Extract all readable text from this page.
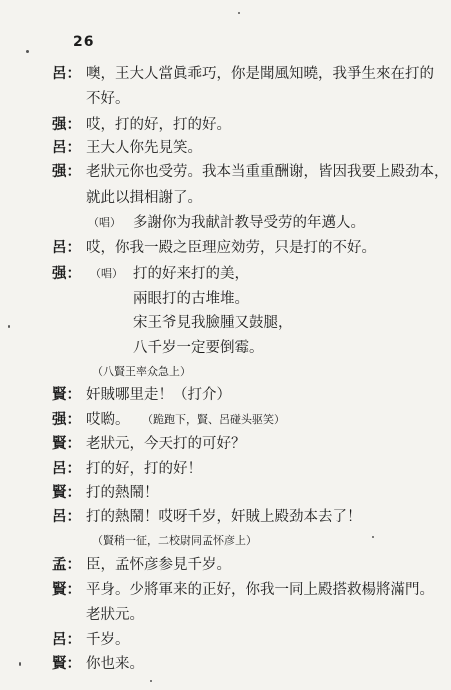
26
呂： 噢，王大人當眞乖巧，你是聞風知曉，我爭生來在打的
不好。
强： 哎，打的好，打的好。
呂： 王大人你先見笑。
强： 老狀元你也受劳。我本当重重酬谢，皆因我要上殿劲本，
就此以揖相謝了。
（唱） 多謝你为我献計教导受劳的年邁人。
呂： 哎，你我一殿之臣理应効劳，只是打的不好。
强： （唱） 打的好来打的美，
兩眼打的古堆堆。
宋王爷見我臉腫又鼓腿，
八千岁一定要倒霉。
（八賢王率众急上）
賢： 奸賊哪里走！（打介）
强： 哎喲。 （跪跑下，賢、呂碰头驱笑）
賢： 老狀元，今天打的可好？
呂： 打的好，打的好！
賢： 打的熱鬧！
呂： 打的熱鬧！哎呀千岁，奸賊上殿劲本去了！
（賢稍一征，二校尉同孟怀彦上）
孟： 臣，孟怀彦参見千岁。
賢： 平身。少將軍来的正好，你我一同上殿搭救楊將滿門。
老狀元。
呂： 千岁。
賢： 你也来。
